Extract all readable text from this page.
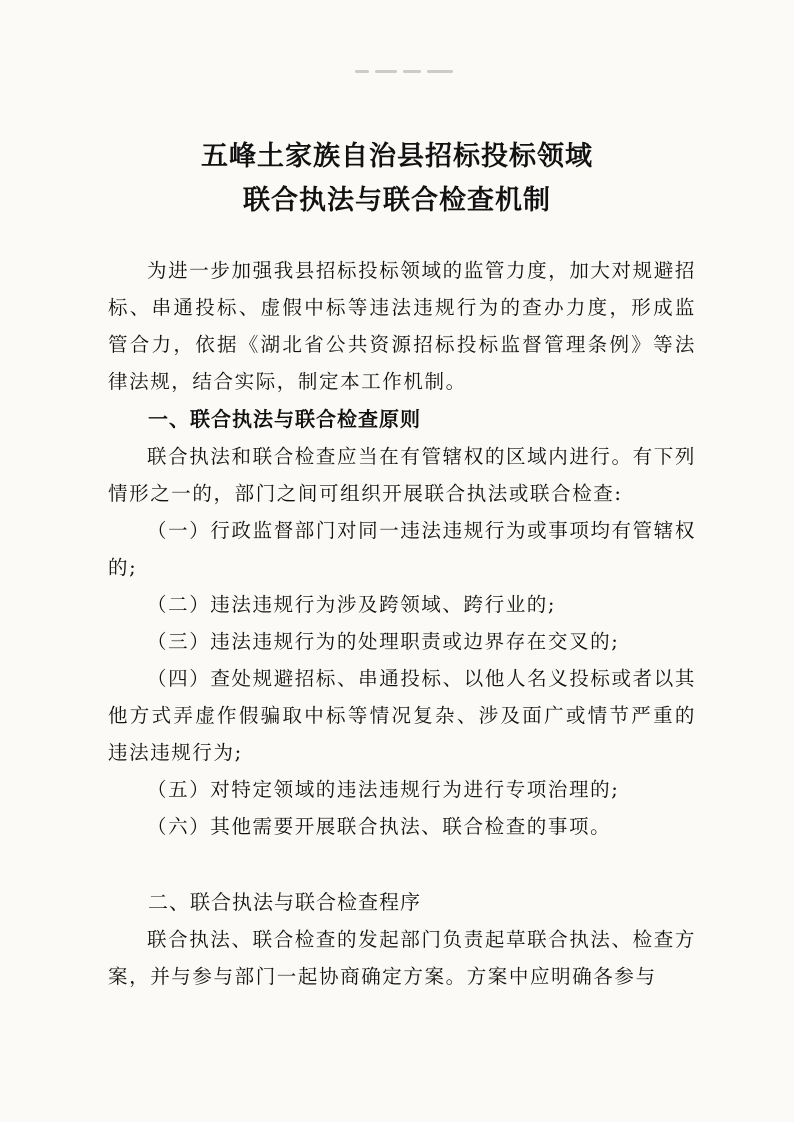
五峰土家族自治县招标投标领域
联合执法与联合检查机制
为进一步加强我县招标投标领域的监管力度，加大对规避招标、串通投标、虚假中标等违法违规行为的查办力度，形成监管合力，依据《湖北省公共资源招标投标监督管理条例》等法律法规，结合实际，制定本工作机制。
一、联合执法与联合检查原则
联合执法和联合检查应当在有管辖权的区域内进行。有下列情形之一的，部门之间可组织开展联合执法或联合检查:
（一）行政监督部门对同一违法违规行为或事项均有管辖权的;
（二）违法违规行为涉及跨领域、跨行业的;
（三）违法违规行为的处理职责或边界存在交叉的;
（四）查处规避招标、串通投标、以他人名义投标或者以其他方式弄虚作假骗取中标等情况复杂、涉及面广或情节严重的违法违规行为;
（五）对特定领域的违法违规行为进行专项治理的;
（六）其他需要开展联合执法、联合检查的事项。
二、联合执法与联合检查程序
联合执法、联合检查的发起部门负责起草联合执法、检查方案，并与参与部门一起协商确定方案。方案中应明确各参与
